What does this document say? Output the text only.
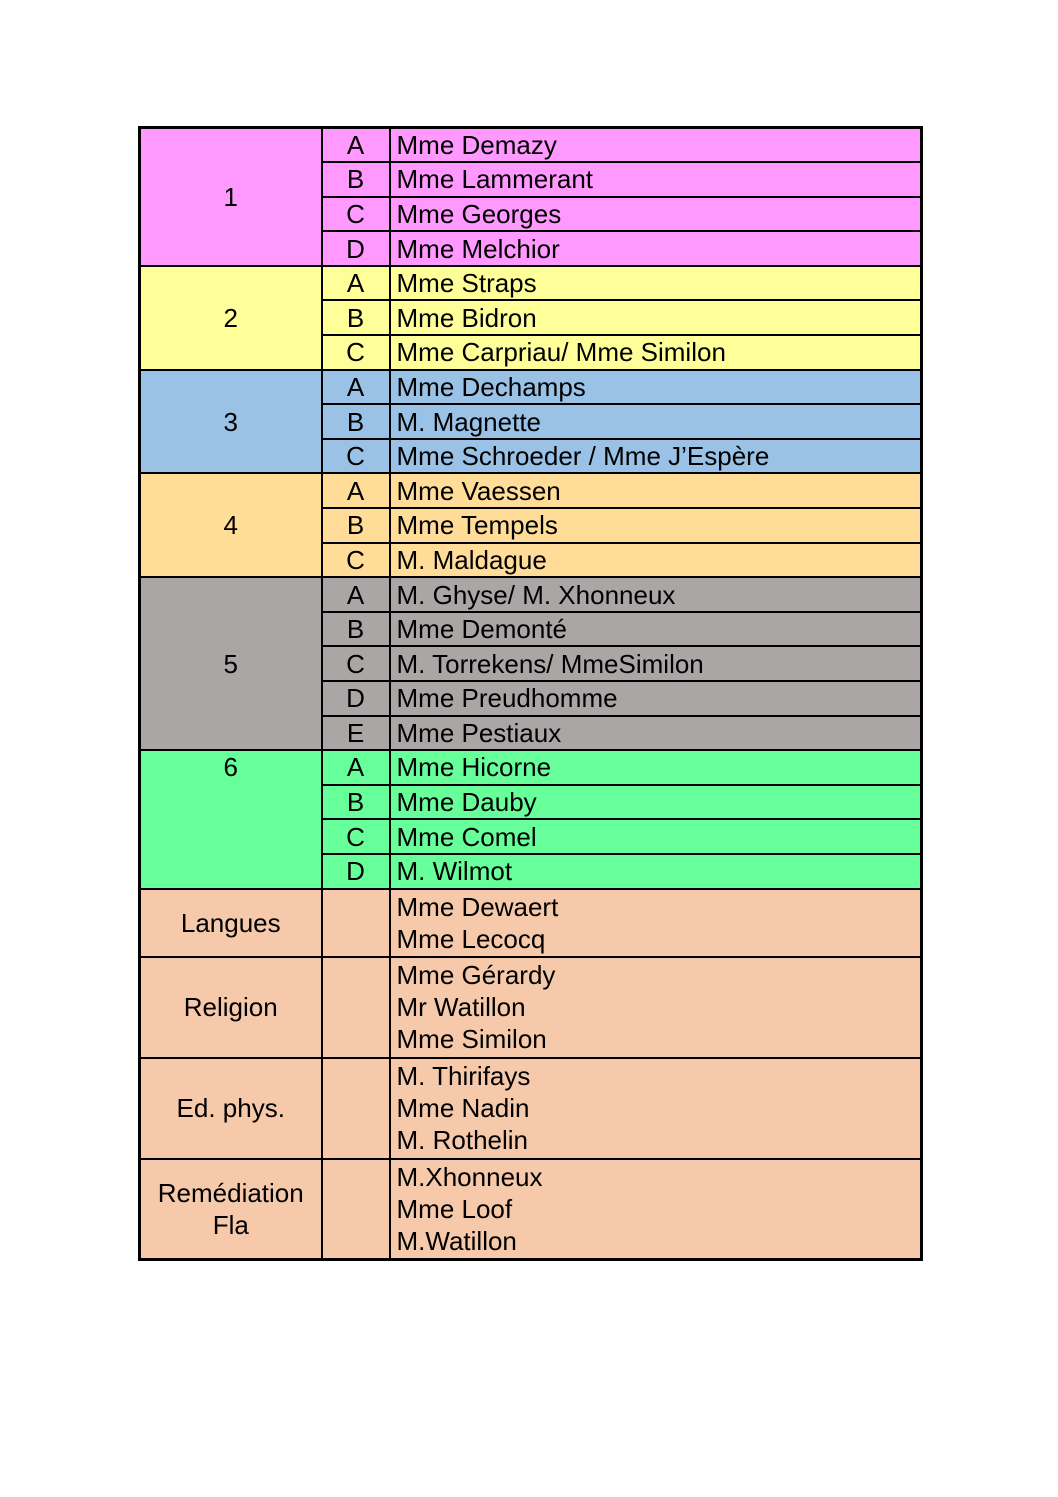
1	A	Mme Demazy
	B	Mme Lammerant
	C	Mme Georges
	D	Mme Melchior
2	A	Mme Straps
	B	Mme Bidron
	C	Mme Carpriau/ Mme Similon
3	A	Mme Dechamps
	B	M. Magnette
	C	Mme Schroeder / Mme J’Espère
4	A	Mme Vaessen
	B	Mme Tempels
	C	M. Maldague
5	A	M. Ghyse/ M. Xhonneux
	B	Mme Demonté
	C	M. Torrekens/ MmeSimilon
	D	Mme Preudhomme
	E	Mme Pestiaux
6	A	Mme Hicorne
	B	Mme Dauby
	C	Mme Comel
	D	M. Wilmot

Langues		Mme Dewaert
Mme Lecocq

Religion		Mme Gérardy
Mr Watillon
Mme Similon

Ed. phys.		M. Thirifays
Mme Nadin
M. Rothelin

Remédiation
Fla		M.Xhonneux
Mme Loof
M.Watillon
